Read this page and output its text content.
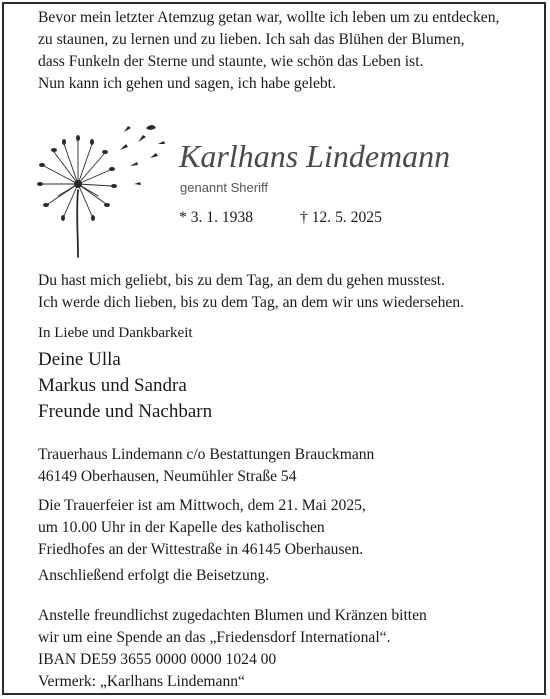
Bevor mein letzter Atemzug getan war, wollte ich leben um zu entdecken,
zu staunen, zu lernen und zu lieben. Ich sah das Blühen der Blumen,
dass Funkeln der Sterne und staunte, wie schön das Leben ist.
Nun kann ich gehen und sagen, ich habe gelebt.
Karlhans Lindemann
genannt Sheriff
* 3. 1. 1938	† 12. 5. 2025
Du hast mich geliebt, bis zu dem Tag, an dem du gehen musstest.
Ich werde dich lieben, bis zu dem Tag, an dem wir uns wiedersehen.
In Liebe und Dankbarkeit
Deine Ulla
Markus und Sandra
Freunde und Nachbarn
Trauerhaus Lindemann c/o Bestattungen Brauckmann
46149 Oberhausen, Neumühler Straße 54
Die Trauerfeier ist am Mittwoch, dem 21. Mai 2025,
um 10.00 Uhr in der Kapelle des katholischen
Friedhofes an der Wittestraße in 46145 Oberhausen.
Anschließend erfolgt die Beisetzung.
Anstelle freundlichst zugedachten Blumen und Kränzen bitten
wir um eine Spende an das „Friedensdorf International“.
IBAN DE59 3655 0000 0000 1024 00
Vermerk: „Karlhans Lindemann“
